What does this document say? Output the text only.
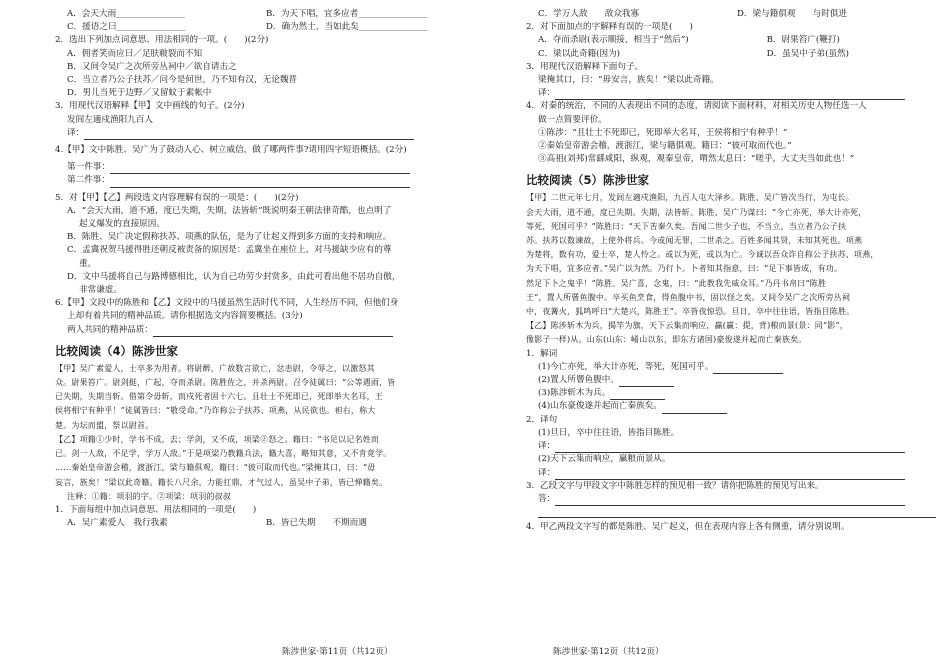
A．会天大雨________________	B．为天下唱，宜多应者________________
C．援语之曰________________	D．确为然士，当如此矣________________
2．选出下列加点词意思、用法相同的一项。(　　)(2分)
A．佣者笑而应曰／足肤皲裂而不知
B．又间令吴广之次所旁丛祠中／欲自请击之
C．当立者乃公子扶苏／问今是何世，乃不知有汉，无论魏晋
D．男儿当死于边野／又留蚊于素帐中
3．用现代汉语解释【甲】文中画线的句子。(2分)
发闾左適戍渔阳九百人
译：
4.【甲】文中陈胜、吴广为了鼓动人心、树立威信，做了哪两件事?请用四字短语概括。(2分)
第一件事：
第二件事：
5．对【甲】【乙】两段选文内容理解有误的一项是：(　　)(2分)
A．“会天大雨，道不通，度已失期，失期，法皆斩”既说明秦王朝法律苛酷，也点明了
起义爆发的直接原因。
B．陈胜、吴广决定假称扶苏、项燕的队伍，是为了让起义得到多方面的支持和响应。
C．孟冀祝贺马援得胜还朝反被责备的原因是：孟冀坐在座位上，对马援缺少应有的尊
重。
D．文中马援将自己与路博德相比，认为自己功劳少封赏多，由此可看出他不居功自傲，
非常谦虚。
6.【甲】文段中的陈胜和【乙】文段中的马援虽然生活时代不同，人生经历不同，但他们身
上却有着共同的精神品质。请你根据选文内容简要概括。(3分)
两人共同的精神品质：
比较阅读（4）陈涉世家
【甲】吴广素爱人，士卒多为用者。将尉醉，广故数言欲亡，忿恚尉，令辱之，以激怒其
众。尉果笞广。尉剑挺，广起，夺而杀尉。陈胜佐之，并杀两尉。召令徒属曰：“公等遇雨，皆
已失期，失期当斩。借第令毋斩，而戍死者固十六七。且壮士不死即已，死即举大名耳，王
侯将相宁有种乎！”徒属皆曰：“敬受命。”乃诈称公子扶苏、项燕，从民欲也。袒右，称大
楚。为坛而盟，祭以尉首。
【乙】项籍①少时，学书不成，去；学剑，又不成，项梁②怒之。籍曰：“书足以记名姓而
已。剑一人敌，不足学，学万人敌。”于是项梁乃教籍兵法，籍大喜，略知其意，又不肯竟学。
……秦始皇帝游会稽，渡浙江，梁与籍俱观，籍曰：“彼可取而代也。”梁掩其口，曰：“毋
妄言，族矣！”梁以此奇籍。籍长八尺余，力能扛鼎，才气过人，虽吴中子弟，皆已惮籍矣。
注释：①籍：项羽的字。②项梁：项羽的叔叔
1．下面每组中加点词意思、用法相同的一项是(　　)
A．吴广素爱人　我行我素	B．皆已失期　　不期而遇
C．学万人敌　　敌众我寡	D．梁与籍俱观　　与时俱进
2．对下面加点的字解释有误的一项是(　　)
A．夺而杀尉(表示顺接，相当于“然后”)	B．尉果笞广(鞭打)
C．梁以此奇籍(因为)	D．虽吴中子弟(虽然)
3．用现代汉语解释下面句子。
梁掩其口，曰：“毋安言，族矣！”梁以此奇籍。
译：
4．对秦的统治，不同的人表现出不同的态度，请阅读下面材料，对相关历史人物任选一人
做一点简要评价。
①陈涉：“且壮士不死即已，死即举大名耳，王侯将相宁有种乎！”
②秦始皇帝游会稽，渡浙江，梁与籍俱观。籍曰：“彼可取而代也。”
③高祖(刘邦)常繇咸阳，纵观，观秦皇帝，喟然太息曰：“嗟乎，大丈夫当如此也！”
比较阅读（5）陈涉世家
【甲】二世元年七月，发闾左適戍渔阳，九百人屯大泽乡。陈胜、吴广皆次当行，为屯长。
会天大雨，道不通，度已失期。失期，法皆斩。陈胜、吴广乃谋曰：“今亡亦死，举大计亦死，
等死，死国可乎？”陈胜曰：“天下苦秦久矣。吾闻二世少子也，不当立，当立者乃公子扶
苏。扶苏以数谏故，上使外将兵。今或闻无罪，二世杀之。百姓多闻其贤，未知其死也。项燕
为楚将，数有功，爱士卒，楚人怜之。或以为死，或以为亡。今诚以吾众诈自称公子扶苏、项燕，
为天下唱，宜多应者。”吴广以为然。乃行卜。卜者知其指意，曰：“足下事皆成，有功。
然足下卜之鬼乎！”陈胜、吴广喜，念鬼，曰：“此教我先威众耳。”乃丹书帛曰“陈胜
王”，置人所罾鱼腹中。卒买鱼烹食，得鱼腹中书，固以怪之矣。又间令吴广之次所旁丛祠
中，夜篝火，狐鸣呼曰“大楚兴，陈胜王”。卒皆夜惊恐。旦日，卒中往往语，皆指目陈胜。
【乙】陈涉斩木为兵，揭竿为旗，天下云集而响应，赢(赢：提，背)粮而景(景：同“影”，
像影子一样)从。山东(山东：崤山以东，即东方诸国)豪俊遂并起而亡秦族矣。
1．解词
(1)今亡亦死，举大计亦死，等死，死国可乎。
(2)置人所罾鱼腹中。
(3)陈涉斩木为兵。
(4)山东豪俊遂并起而亡秦族矣。
2．译句
(1)旦日，卒中往往语，皆指目陈胜。
译：
(2)天下云集而响应，赢粮而景从。
译：
3．乙段文字与甲段文字中陈胜怎样的预见相一致？请你把陈胜的预见写出来。
答：
4．甲乙两段文字写的都是陈胜、吴广起义，但在表现内容上各有侧重，请分别说明。
陈涉世家·第11页（共12页）	陈涉世家·第12页（共12页）
